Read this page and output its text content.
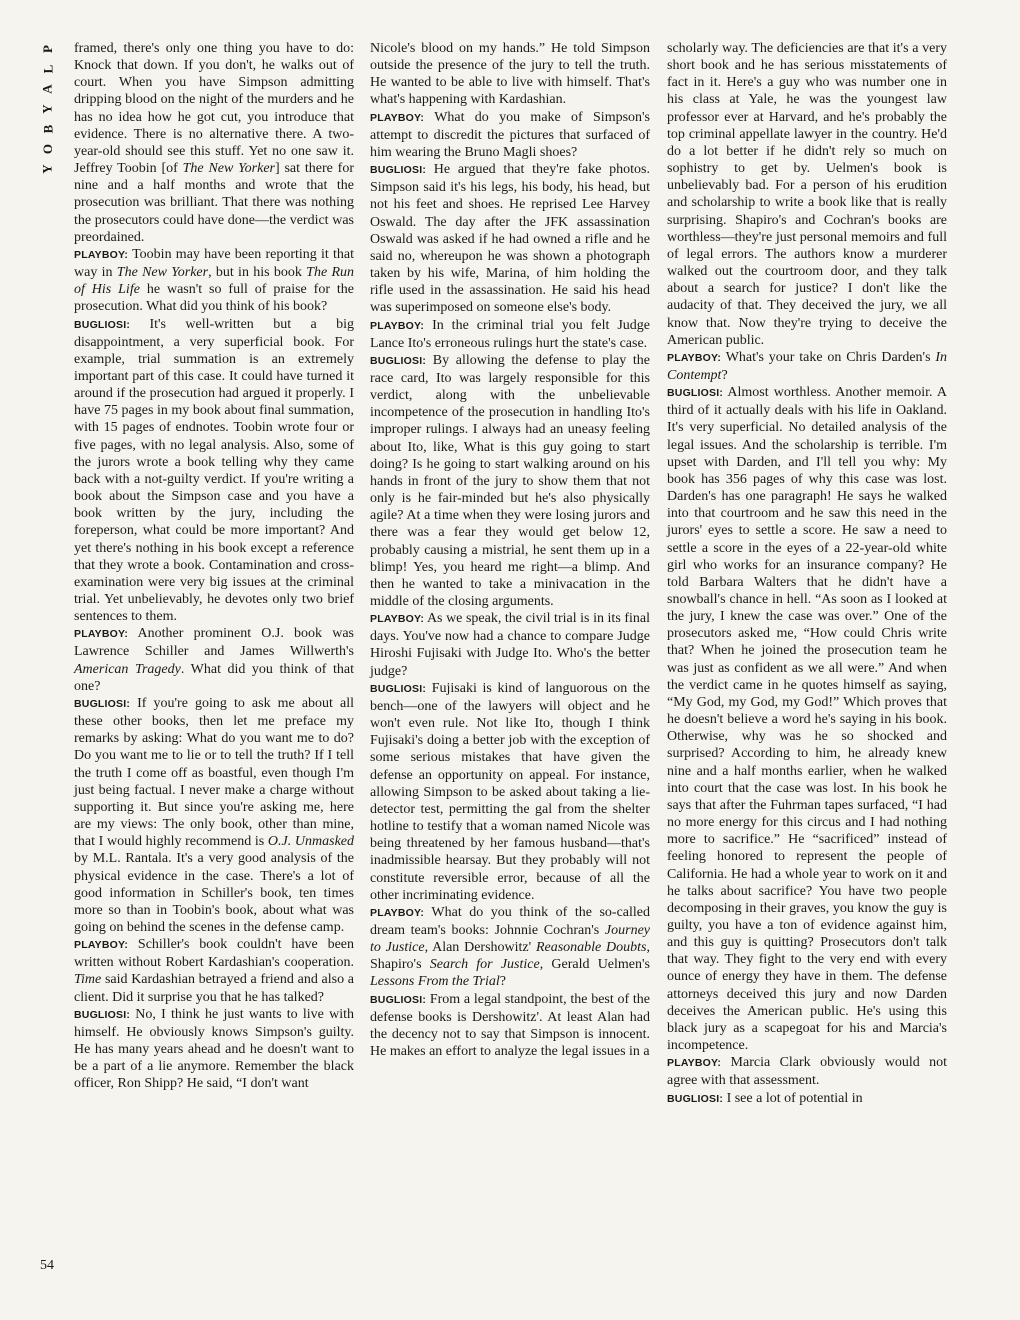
P
L
A
Y
B
O
Y
54

framed, there's only one thing you have to do: Knock that down. If you don't, he walks out of court. When you have Simpson admitting dripping blood on the night of the murders and he has no idea how he got cut, you introduce that evidence. There is no alternative there. A two-year-old should see this stuff. Yet no one saw it. Jeffrey Toobin [of The New Yorker] sat there for nine and a half months and wrote that the prosecution was brilliant. That there was nothing the prosecutors could have done—the verdict was preordained.

PLAYBOY: Toobin may have been reporting it that way in The New Yorker, but in his book The Run of His Life he wasn't so full of praise for the prosecution. What did you think of his book?

BUGLIOSI: It's well-written but a big disappointment, a very superficial book. For example, trial summation is an extremely important part of this case. It could have turned it around if the prosecution had argued it properly. I have 75 pages in my book about final summation, with 15 pages of endnotes. Toobin wrote four or five pages, with no legal analysis. Also, some of the jurors wrote a book telling why they came back with a not-guilty verdict. If you're writing a book about the Simpson case and you have a book written by the jury, including the foreperson, what could be more important? And yet there's nothing in his book except a reference that they wrote a book. Contamination and cross-examination were very big issues at the criminal trial. Yet unbelievably, he devotes only two brief sentences to them.

PLAYBOY: Another prominent O.J. book was Lawrence Schiller and James Willwerth's American Tragedy. What did you think of that one?

BUGLIOSI: If you're going to ask me about all these other books, then let me preface my remarks by asking: What do you want me to do? Do you want me to lie or to tell the truth? If I tell the truth I come off as boastful, even though I'm just being factual. I never make a charge without supporting it. But since you're asking me, here are my views: The only book, other than mine, that I would highly recommend is O.J. Unmasked by M.L. Rantala. It's a very good analysis of the physical evidence in the case. There's a lot of good information in Schiller's book, ten times more so than in Toobin's book, about what was going on behind the scenes in the defense camp.

PLAYBOY: Schiller's book couldn't have been written without Robert Kardashian's cooperation. Time said Kardashian betrayed a friend and also a client. Did it surprise you that he has talked?

BUGLIOSI: No, I think he just wants to live with himself. He obviously knows Simpson's guilty. He has many years ahead and he doesn't want to be a part of a lie anymore. Remember the black officer, Ron Shipp? He said, “I don't want

Nicole's blood on my hands.” He told Simpson outside the presence of the jury to tell the truth. He wanted to be able to live with himself. That's what's happening with Kardashian.

PLAYBOY: What do you make of Simpson's attempt to discredit the pictures that surfaced of him wearing the Bruno Magli shoes?

BUGLIOSI: He argued that they're fake photos. Simpson said it's his legs, his body, his head, but not his feet and shoes. He reprised Lee Harvey Oswald. The day after the JFK assassination Oswald was asked if he had owned a rifle and he said no, whereupon he was shown a photograph taken by his wife, Marina, of him holding the rifle used in the assassination. He said his head was superimposed on someone else's body.

PLAYBOY: In the criminal trial you felt Judge Lance Ito's erroneous rulings hurt the state's case.

BUGLIOSI: By allowing the defense to play the race card, Ito was largely responsible for this verdict, along with the unbelievable incompetence of the prosecution in handling Ito's improper rulings. I always had an uneasy feeling about Ito, like, What is this guy going to start doing? Is he going to start walking around on his hands in front of the jury to show them that not only is he fair-minded but he's also physically agile? At a time when they were losing jurors and there was a fear they would get below 12, probably causing a mistrial, he sent them up in a blimp! Yes, you heard me right—a blimp. And then he wanted to take a minivacation in the middle of the closing arguments.

PLAYBOY: As we speak, the civil trial is in its final days. You've now had a chance to compare Judge Hiroshi Fujisaki with Judge Ito. Who's the better judge?

BUGLIOSI: Fujisaki is kind of languorous on the bench—one of the lawyers will object and he won't even rule. Not like Ito, though I think Fujisaki's doing a better job with the exception of some serious mistakes that have given the defense an opportunity on appeal. For instance, allowing Simpson to be asked about taking a lie-detector test, permitting the gal from the shelter hotline to testify that a woman named Nicole was being threatened by her famous husband—that's inadmissible hearsay. But they probably will not constitute reversible error, because of all the other incriminating evidence.

PLAYBOY: What do you think of the so-called dream team's books: Johnnie Cochran's Journey to Justice, Alan Dershowitz' Reasonable Doubts, Shapiro's Search for Justice, Gerald Uelmen's Lessons From the Trial?

BUGLIOSI: From a legal standpoint, the best of the defense books is Dershowitz'. At least Alan had the decency not to say that Simpson is innocent. He makes an effort to analyze the legal issues in a

scholarly way. The deficiencies are that it's a very short book and he has serious misstatements of fact in it. Here's a guy who was number one in his class at Yale, he was the youngest law professor ever at Harvard, and he's probably the top criminal appellate lawyer in the country. He'd do a lot better if he didn't rely so much on sophistry to get by. Uelmen's book is unbelievably bad. For a person of his erudition and scholarship to write a book like that is really surprising. Shapiro's and Cochran's books are worthless—they're just personal memoirs and full of legal errors. The authors know a murderer walked out the courtroom door, and they talk about a search for justice? I don't like the audacity of that. They deceived the jury, we all know that. Now they're trying to deceive the American public.

PLAYBOY: What's your take on Chris Darden's In Contempt?

BUGLIOSI: Almost worthless. Another memoir. A third of it actually deals with his life in Oakland. It's very superficial. No detailed analysis of the legal issues. And the scholarship is terrible. I'm upset with Darden, and I'll tell you why: My book has 356 pages of why this case was lost. Darden's has one paragraph! He says he walked into that courtroom and he saw this need in the jurors' eyes to settle a score. He saw a need to settle a score in the eyes of a 22-year-old white girl who works for an insurance company? He told Barbara Walters that he didn't have a snowball's chance in hell. “As soon as I looked at the jury, I knew the case was over.” One of the prosecutors asked me, “How could Chris write that? When he joined the prosecution team he was just as confident as we all were.” And when the verdict came in he quotes himself as saying, “My God, my God, my God!” Which proves that he doesn't believe a word he's saying in his book. Otherwise, why was he so shocked and surprised? According to him, he already knew nine and a half months earlier, when he walked into court that the case was lost. In his book he says that after the Fuhrman tapes surfaced, “I had no more energy for this circus and I had nothing more to sacrifice.” He “sacrificed” instead of feeling honored to represent the people of California. He had a whole year to work on it and he talks about sacrifice? You have two people decomposing in their graves, you know the guy is guilty, you have a ton of evidence against him, and this guy is quitting? Prosecutors don't talk that way. They fight to the very end with every ounce of energy they have in them. The defense attorneys deceived this jury and now Darden deceives the American public. He's using this black jury as a scapegoat for his and Marcia's incompetence.

PLAYBOY: Marcia Clark obviously would not agree with that assessment.

BUGLIOSI: I see a lot of potential in
